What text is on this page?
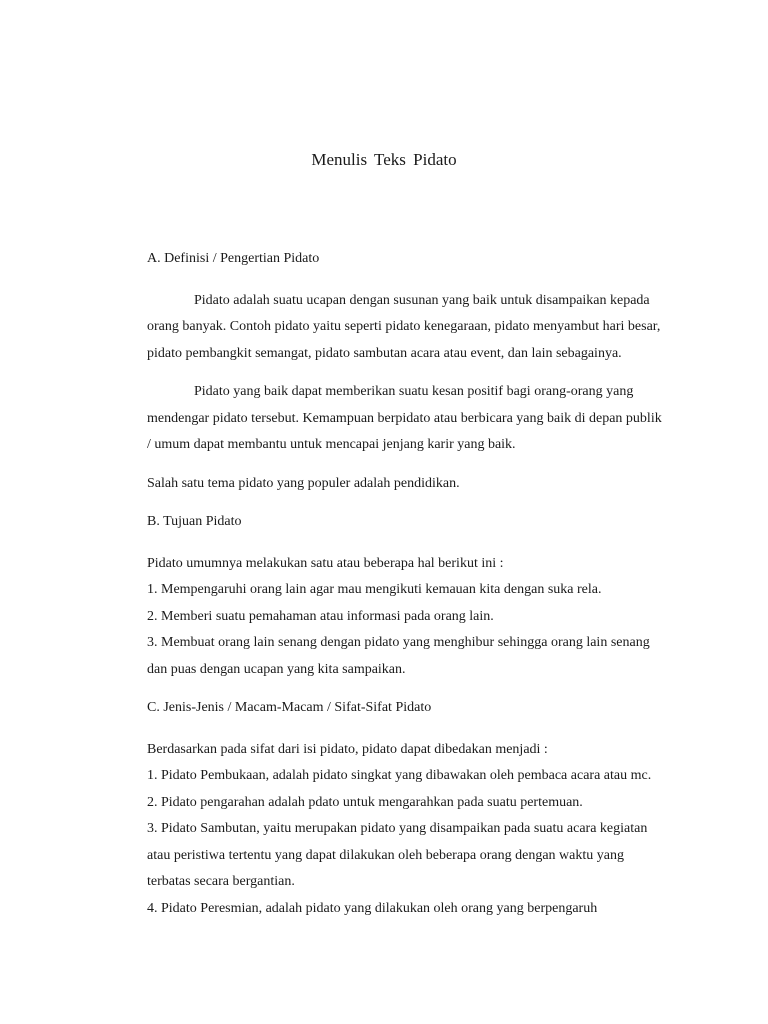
Menulis Teks Pidato

A. Definisi / Pengertian Pidato

Pidato adalah suatu ucapan dengan susunan yang baik untuk disampaikan kepada orang banyak. Contoh pidato yaitu seperti pidato kenegaraan, pidato menyambut hari besar, pidato pembangkit semangat, pidato sambutan acara atau event, dan lain sebagainya.

Pidato yang baik dapat memberikan suatu kesan positif bagi orang-orang yang mendengar pidato tersebut. Kemampuan berpidato atau berbicara yang baik di depan publik / umum dapat membantu untuk mencapai jenjang karir yang baik.

Salah satu tema pidato yang populer adalah pendidikan.

B. Tujuan Pidato

Pidato umumnya melakukan satu atau beberapa hal berikut ini :

1. Mempengaruhi orang lain agar mau mengikuti kemauan kita dengan suka rela.

2. Memberi suatu pemahaman atau informasi pada orang lain.

3. Membuat orang lain senang dengan pidato yang menghibur sehingga orang lain senang dan puas dengan ucapan yang kita sampaikan.

C. Jenis-Jenis / Macam-Macam / Sifat-Sifat Pidato

Berdasarkan pada sifat dari isi pidato, pidato dapat dibedakan menjadi :

1. Pidato Pembukaan, adalah pidato singkat yang dibawakan oleh pembaca acara atau mc.

2. Pidato pengarahan adalah pdato untuk mengarahkan pada suatu pertemuan.

3. Pidato Sambutan, yaitu merupakan pidato yang disampaikan pada suatu acara kegiatan atau peristiwa tertentu yang dapat dilakukan oleh beberapa orang dengan waktu yang terbatas secara bergantian.

4. Pidato Peresmian, adalah pidato yang dilakukan oleh orang yang berpengaruh
